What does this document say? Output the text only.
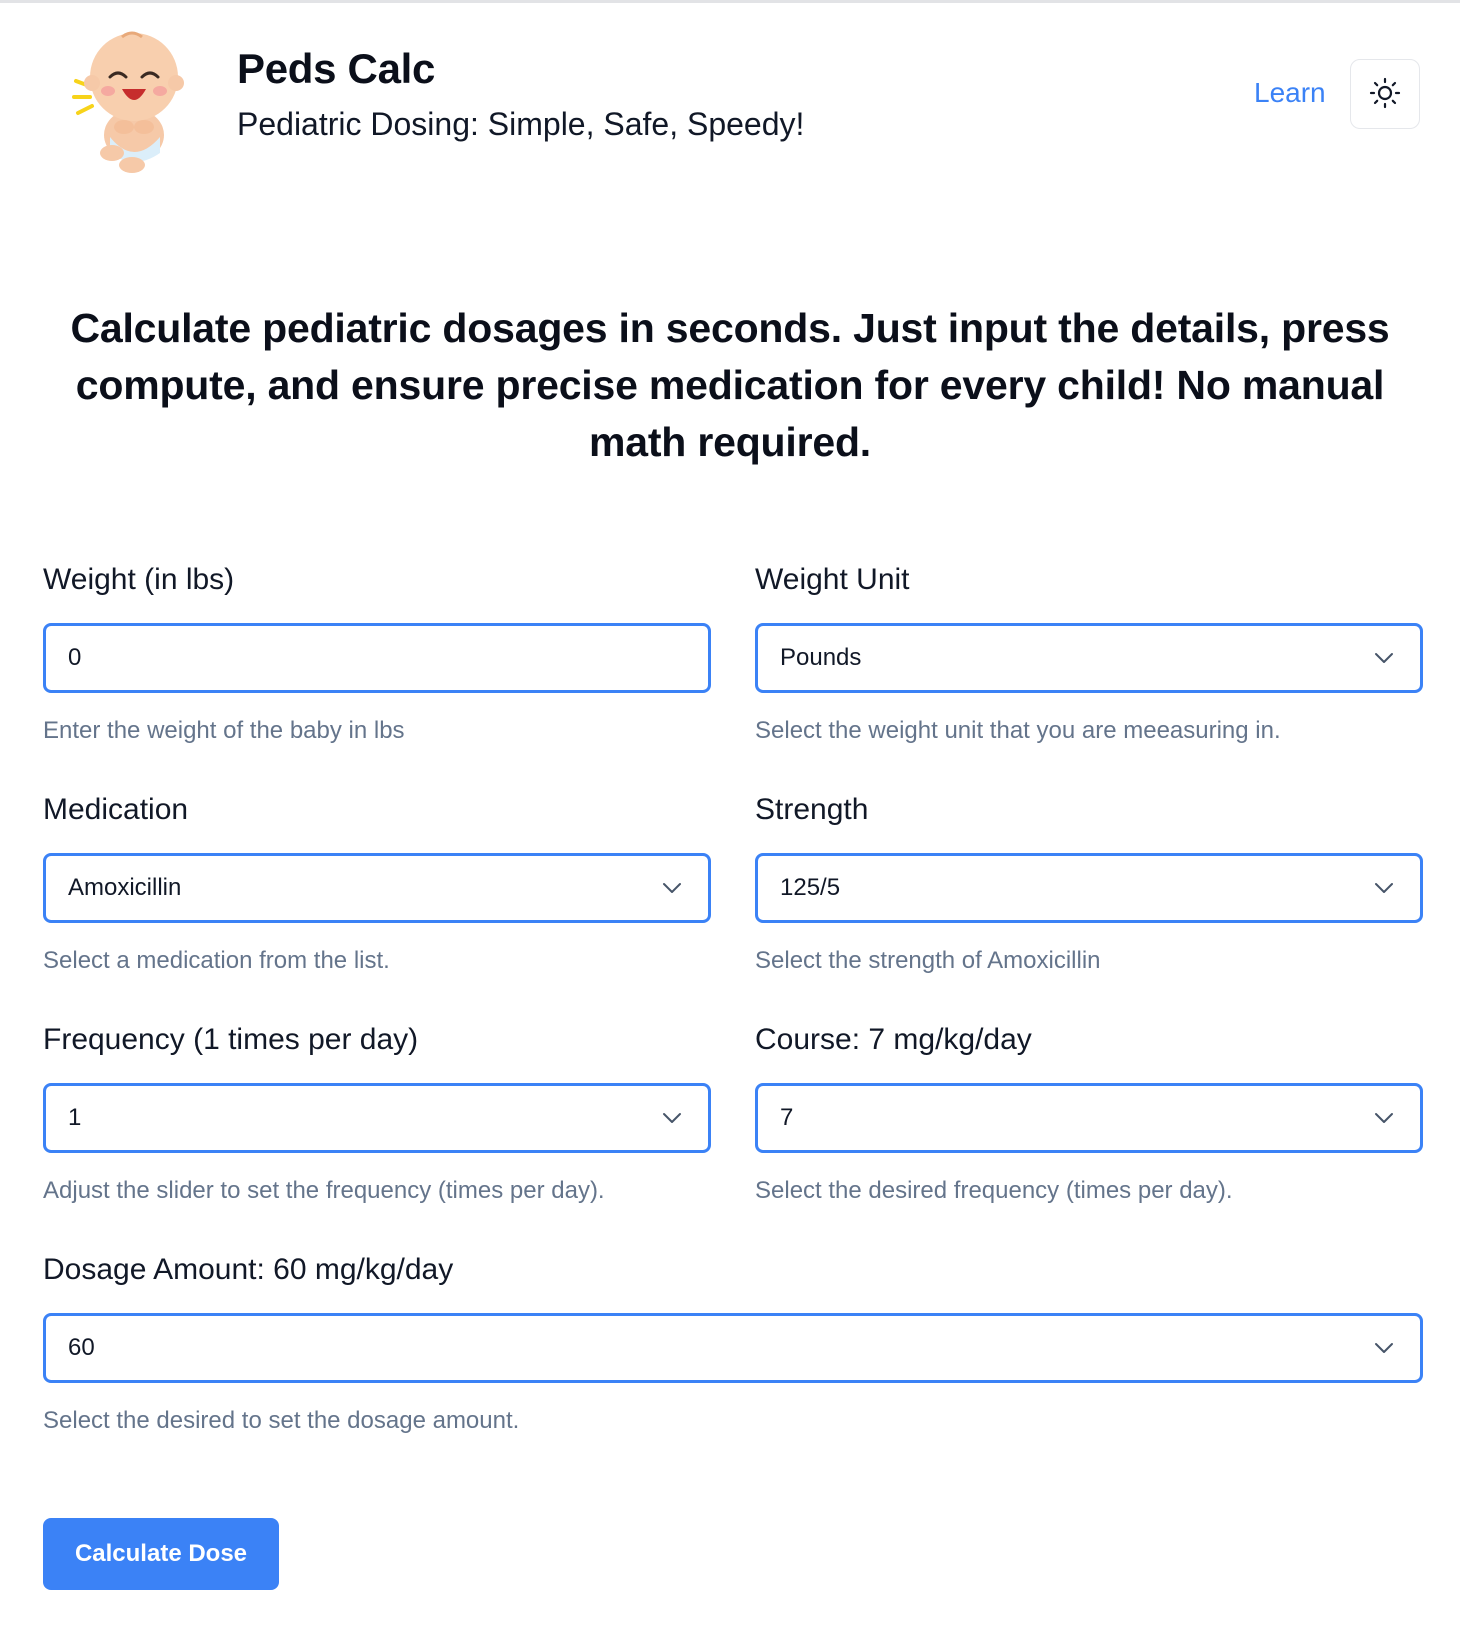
Peds Calc
Pediatric Dosing: Simple, Safe, Speedy!
Learn
Calculate pediatric dosages in seconds. Just input the details, press compute, and ensure precise medication for every child! No manual math required.
Weight (in lbs)
0
Enter the weight of the baby in lbs
Weight Unit
Pounds
Select the weight unit that you are meeasuring in.
Medication
Amoxicillin
Select a medication from the list.
Strength
125/5
Select the strength of Amoxicillin
Frequency (1 times per day)
1
Adjust the slider to set the frequency (times per day).
Course: 7 mg/kg/day
7
Select the desired frequency (times per day).
Dosage Amount: 60 mg/kg/day
60
Select the desired to set the dosage amount.
Calculate Dose
